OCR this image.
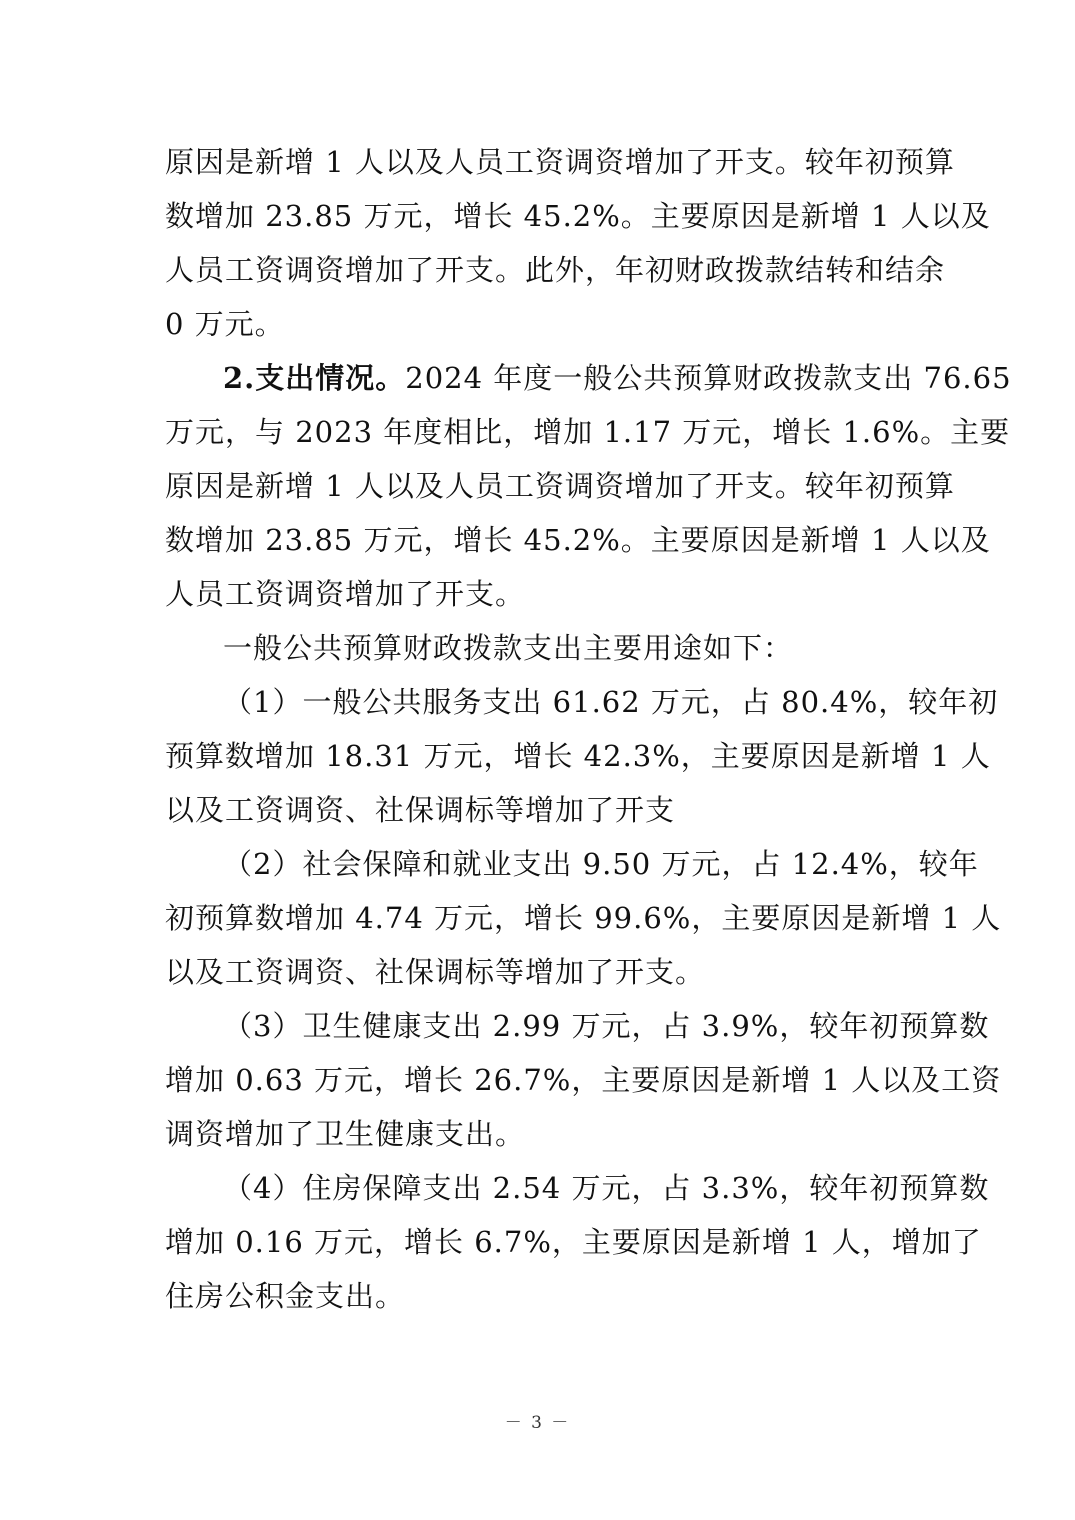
原因是新增 1 人以及人员工资调资增加了开支。较年初预算
数增加 23.85 万元，增长 45.2%。主要原因是新增 1 人以及
人员工资调资增加了开支。此外，年初财政拨款结转和结余
0 万元。
2.支出情况。2024 年度一般公共预算财政拨款支出 76.65
万元，与 2023 年度相比，增加 1.17 万元，增长 1.6%。主要
原因是新增 1 人以及人员工资调资增加了开支。较年初预算
数增加 23.85 万元，增长 45.2%。主要原因是新增 1 人以及
人员工资调资增加了开支。
一般公共预算财政拨款支出主要用途如下：
（1）一般公共服务支出 61.62 万元，占 80.4%，较年初
预算数增加 18.31 万元，增长 42.3%，主要原因是新增 1 人
以及工资调资、社保调标等增加了开支
（2）社会保障和就业支出 9.50 万元，占 12.4%，较年
初预算数增加 4.74 万元，增长 99.6%，主要原因是新增 1 人
以及工资调资、社保调标等增加了开支。
（3）卫生健康支出 2.99 万元，占 3.9%，较年初预算数
增加 0.63 万元，增长 26.7%，主要原因是新增 1 人以及工资
调资增加了卫生健康支出。
（4）住房保障支出 2.54 万元，占 3.3%，较年初预算数
增加 0.16 万元，增长 6.7%，主要原因是新增 1 人，增加了
住房公积金支出。
－ 3 －
